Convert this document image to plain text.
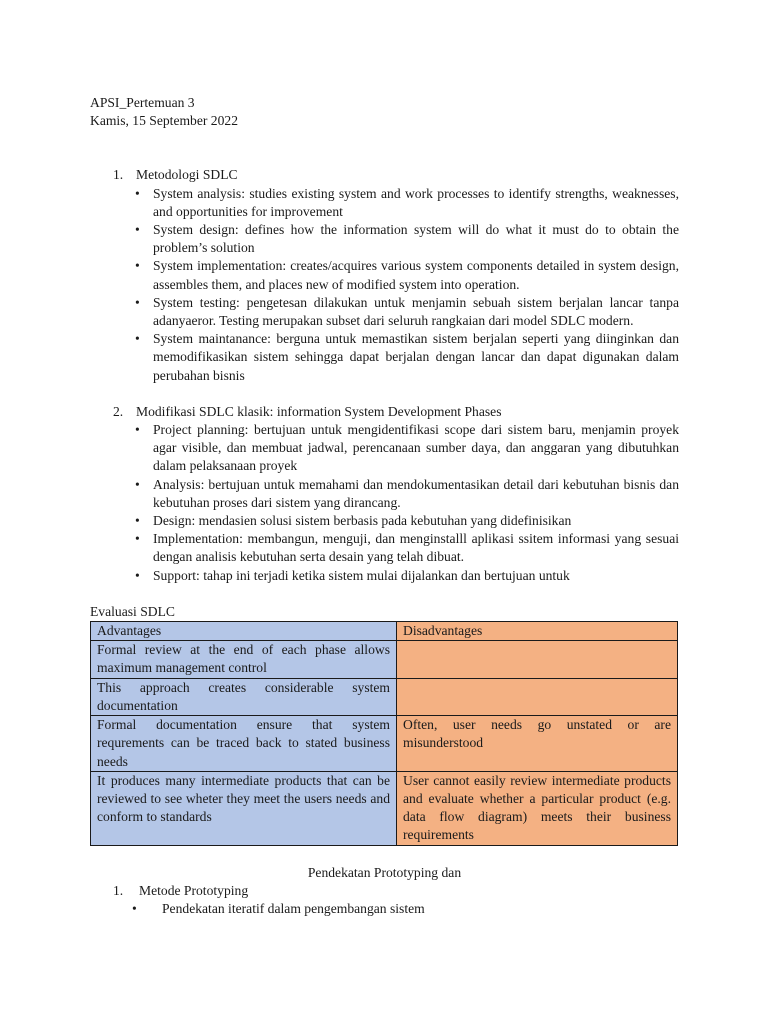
APSI_Pertemuan 3
Kamis, 15 September 2022
1. Metodologi SDLC
• System analysis: studies existing system and work processes to identify strengths, weaknesses, and opportunities for improvement
• System design: defines how the information system will do what it must do to obtain the problem’s solution
• System implementation: creates/acquires various system components detailed in system design, assembles them, and places new of modified system into operation.
• System testing: pengetesan dilakukan untuk menjamin sebuah sistem berjalan lancar tanpa adanyaeror. Testing merupakan subset dari seluruh rangkaian dari model SDLC modern.
• System maintanance: berguna untuk memastikan sistem berjalan seperti yang diinginkan dan memodifikasikan sistem sehingga dapat berjalan dengan lancar dan dapat digunakan dalam perubahan bisnis
2. Modifikasi SDLC klasik: information System Development Phases
• Project planning: bertujuan untuk mengidentifikasi scope dari sistem baru, menjamin proyek agar visible, dan membuat jadwal, perencanaan sumber daya, dan anggaran yang dibutuhkan dalam pelaksanaan proyek
• Analysis: bertujuan untuk memahami dan mendokumentasikan detail dari kebutuhan bisnis dan kebutuhan proses dari sistem yang dirancang.
• Design: mendasien solusi sistem berbasis pada kebutuhan yang didefinisikan
• Implementation: membangun, menguji, dan menginstalll aplikasi ssitem informasi yang sesuai dengan analisis kebutuhan serta desain yang telah dibuat.
• Support: tahap ini terjadi ketika sistem mulai dijalankan dan bertujuan untuk
Evaluasi SDLC
Advantages	Disadvantages
Formal review at the end of each phase allows maximum management control	
This approach creates considerable system documentation	
Formal documentation ensure that system requrements can be traced back to stated business needs	Often, user needs go unstated or are misunderstood
It produces many intermediate products that can be reviewed to see wheter they meet the users needs and conform to standards	User cannot easily review intermediate products and evaluate whether a particular product (e.g. data flow diagram) meets their business requirements
Pendekatan Prototyping dan
1. Metode Prototyping
• Pendekatan iteratif dalam pengembangan sistem
